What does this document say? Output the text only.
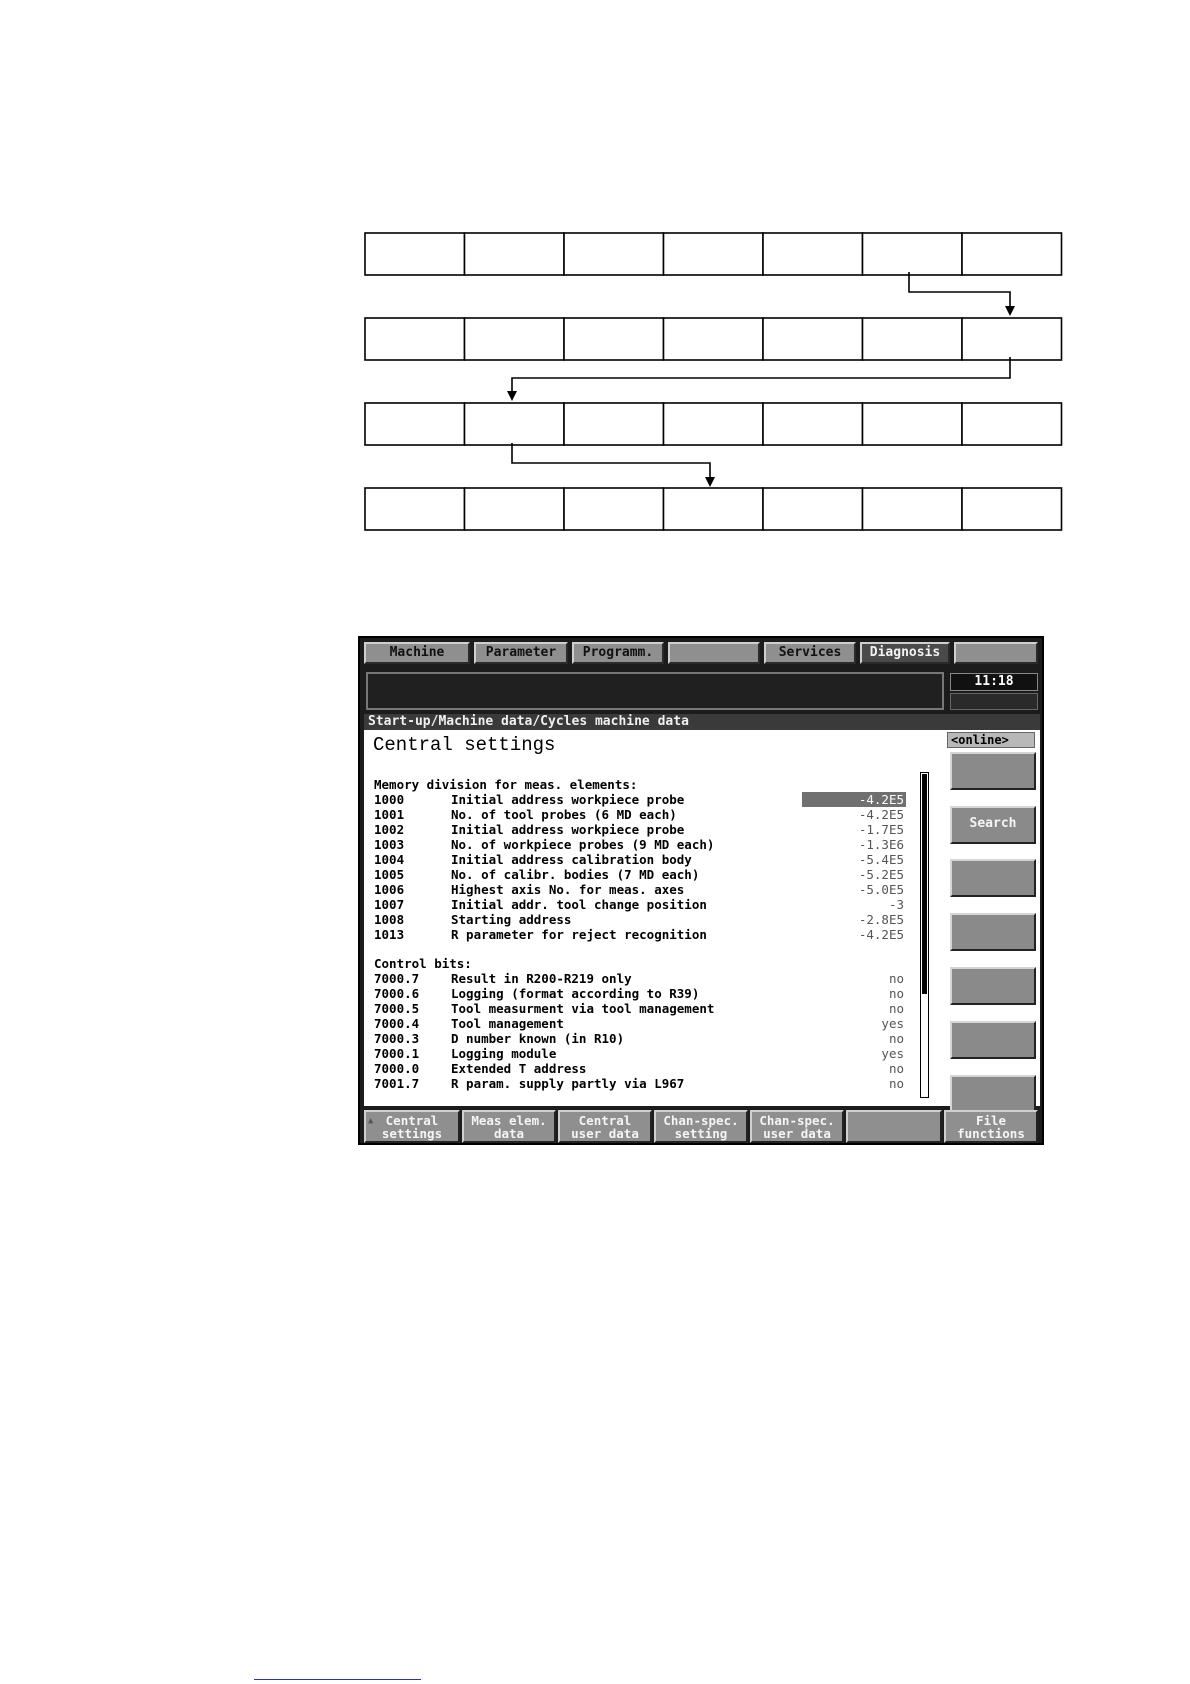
Machine	Parameter	Programm.	Services	Diagnosis
11:18
Start-up/Machine data/Cycles machine data
Central settings
Memory division for meas. elements:
1000	Initial address workpiece probe	-4.2E5
1001	No. of tool probes (6 MD each)	-4.2E5
1002	Initial address workpiece probe	-1.7E5
1003	No. of workpiece probes (9 MD each)	-1.3E6
1004	Initial address calibration body	-5.4E5
1005	No. of calibr. bodies (7 MD each)	-5.2E5
1006	Highest axis No. for meas. axes	-5.0E5
1007	Initial addr. tool change position	-3
1008	Starting address	-2.8E5
1013	R parameter for reject recognition	-4.2E5
Control bits:
7000.7	Result in R200-R219 only	no
7000.6	Logging (format according to R39)	no
7000.5	Tool measurment via tool management	no
7000.4	Tool management	yes
7000.3	D number known (in R10)	no
7000.1	Logging module	yes
7000.0	Extended T address	no
7001.7	R param. supply partly via L967	no
<online>
Search
Central
settings
Meas elem.
data
Central
user data
Chan-spec.
setting
Chan-spec.
user data
File
functions
▲
